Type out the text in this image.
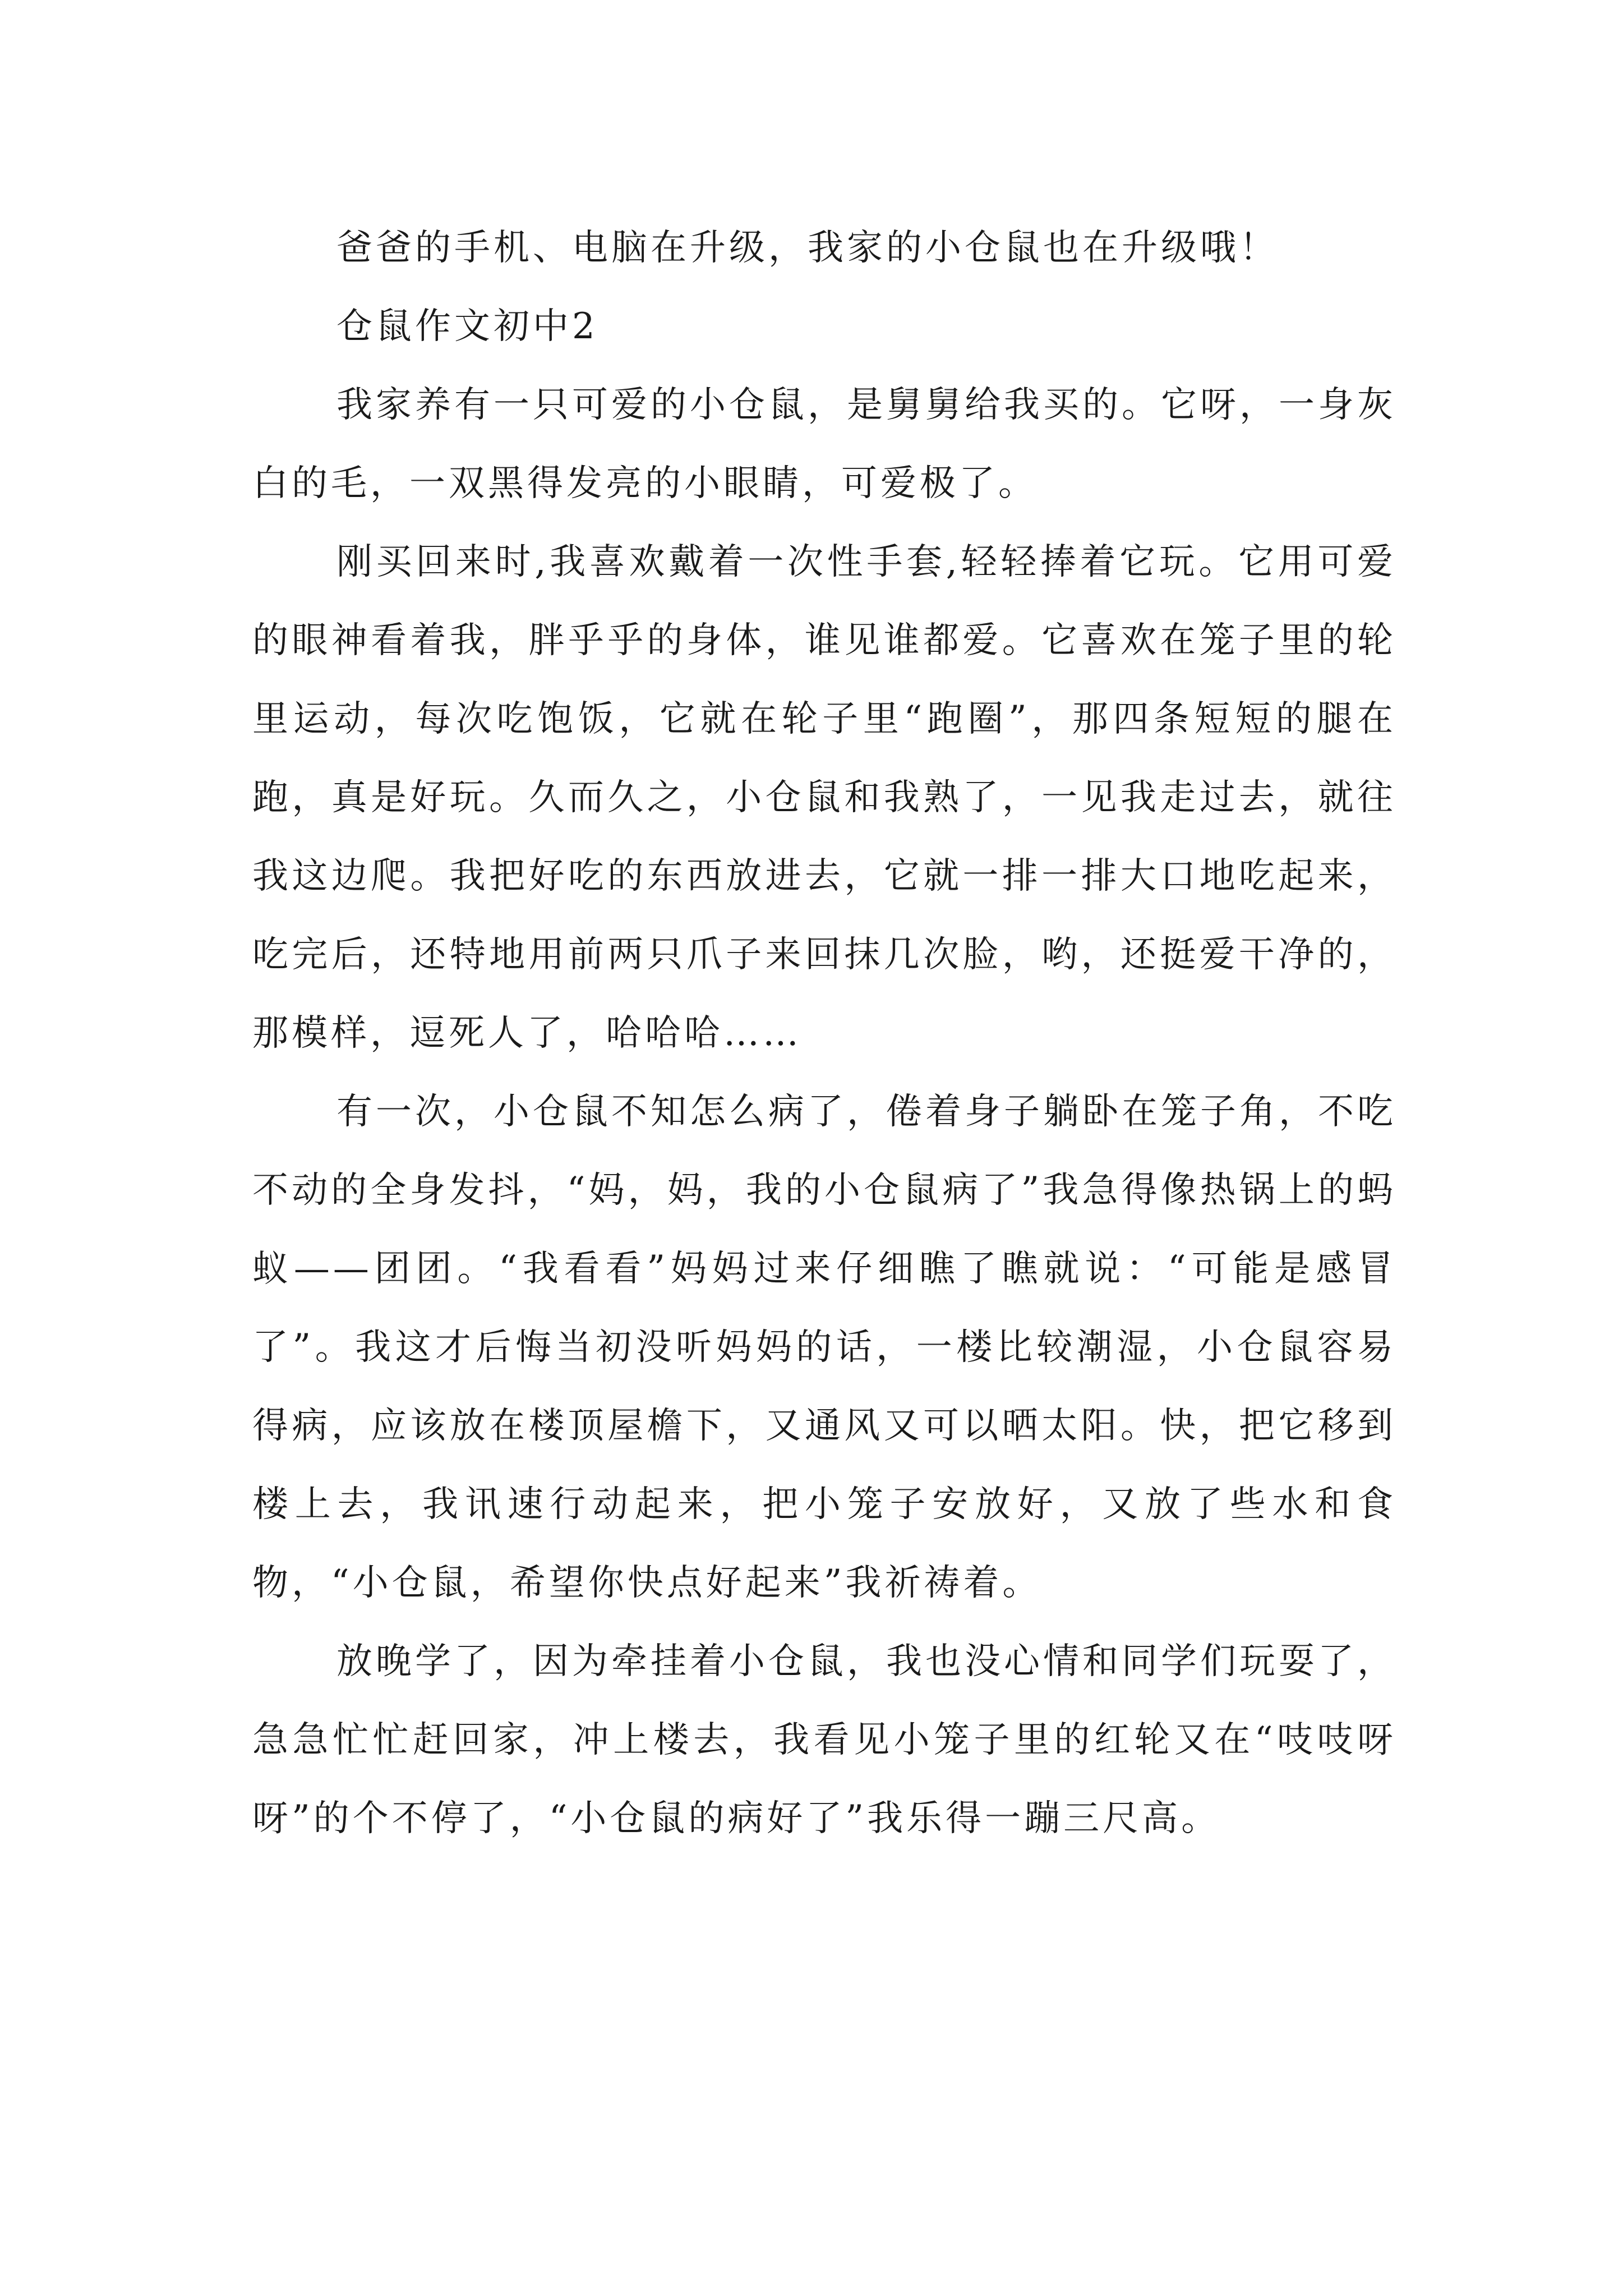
爸爸的手机、电脑在升级，我家的小仓鼠也在升级哦！

仓鼠作文初中2

我家养有一只可爱的小仓鼠，是舅舅给我买的。它呀，一身灰白的毛，一双黑得发亮的小眼睛，可爱极了。

刚买回来时,我喜欢戴着一次性手套,轻轻捧着它玩。它用可爱的眼神看着我，胖乎乎的身体，谁见谁都爱。它喜欢在笼子里的轮里运动，每次吃饱饭，它就在轮子里“跑圈”，那四条短短的腿在跑，真是好玩。久而久之，小仓鼠和我熟了，一见我走过去，就往我这边爬。我把好吃的东西放进去，它就一排一排大口地吃起来，吃完后，还特地用前两只爪子来回抹几次脸，哟，还挺爱干净的，那模样，逗死人了，哈哈哈……

有一次，小仓鼠不知怎么病了，倦着身子躺卧在笼子角，不吃不动的全身发抖，“妈，妈，我的小仓鼠病了”我急得像热锅上的蚂蚁——团团。“我看看”妈妈过来仔细瞧了瞧就说：“可能是感冒了”。我这才后悔当初没听妈妈的话，一楼比较潮湿，小仓鼠容易得病，应该放在楼顶屋檐下，又通风又可以晒太阳。快，把它移到楼上去，我讯速行动起来，把小笼子安放好，又放了些水和食物，“小仓鼠，希望你快点好起来”我祈祷着。

放晚学了，因为牵挂着小仓鼠，我也没心情和同学们玩耍了，急急忙忙赶回家，冲上楼去，我看见小笼子里的红轮又在“吱吱呀呀”的个不停了，“小仓鼠的病好了”我乐得一蹦三尺高。
